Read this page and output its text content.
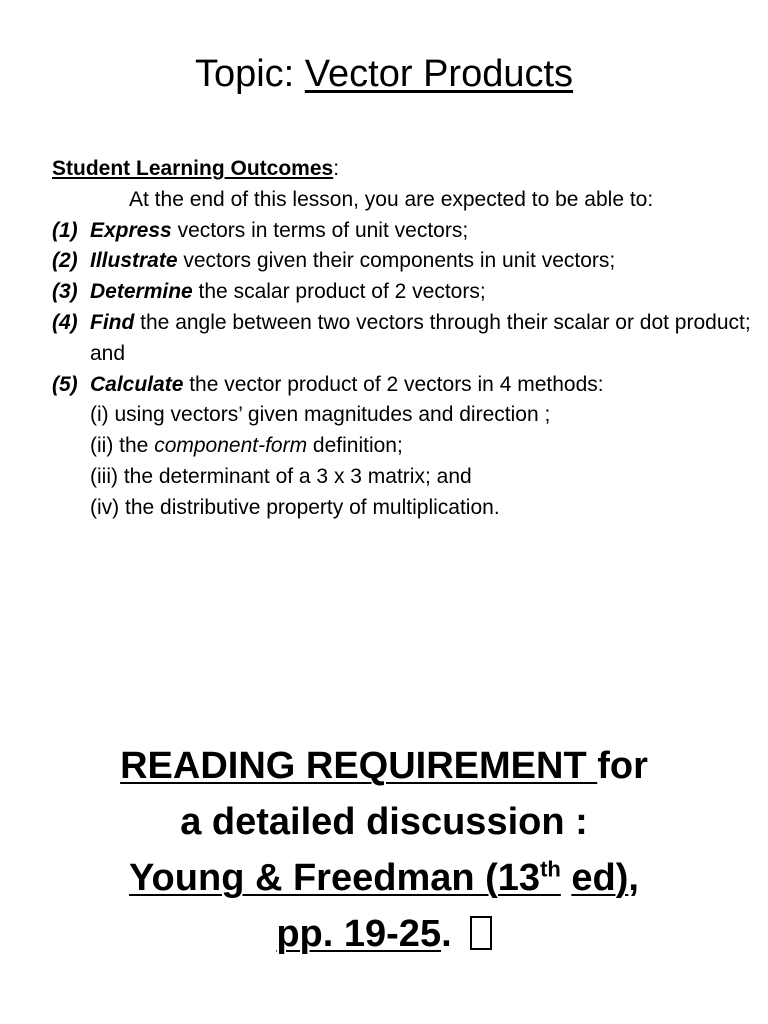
Topic: Vector Products
Student Learning Outcomes:
At the end of this lesson, you are expected to be able to:
(1) Express vectors in terms of unit vectors;
(2) Illustrate vectors given their components in unit vectors;
(3) Determine the scalar product of 2 vectors;
(4) Find the angle between two vectors through their scalar or dot product; and
(5) Calculate the vector product of 2 vectors in 4 methods:
(i) using vectors’ given magnitudes and direction ;
(ii) the component-form definition;
(iii) the determinant of a 3 x 3 matrix; and
(iv) the distributive property of multiplication.
READING REQUIREMENT for
a detailed discussion :
Young & Freedman (13th ed),
pp. 19-25.
